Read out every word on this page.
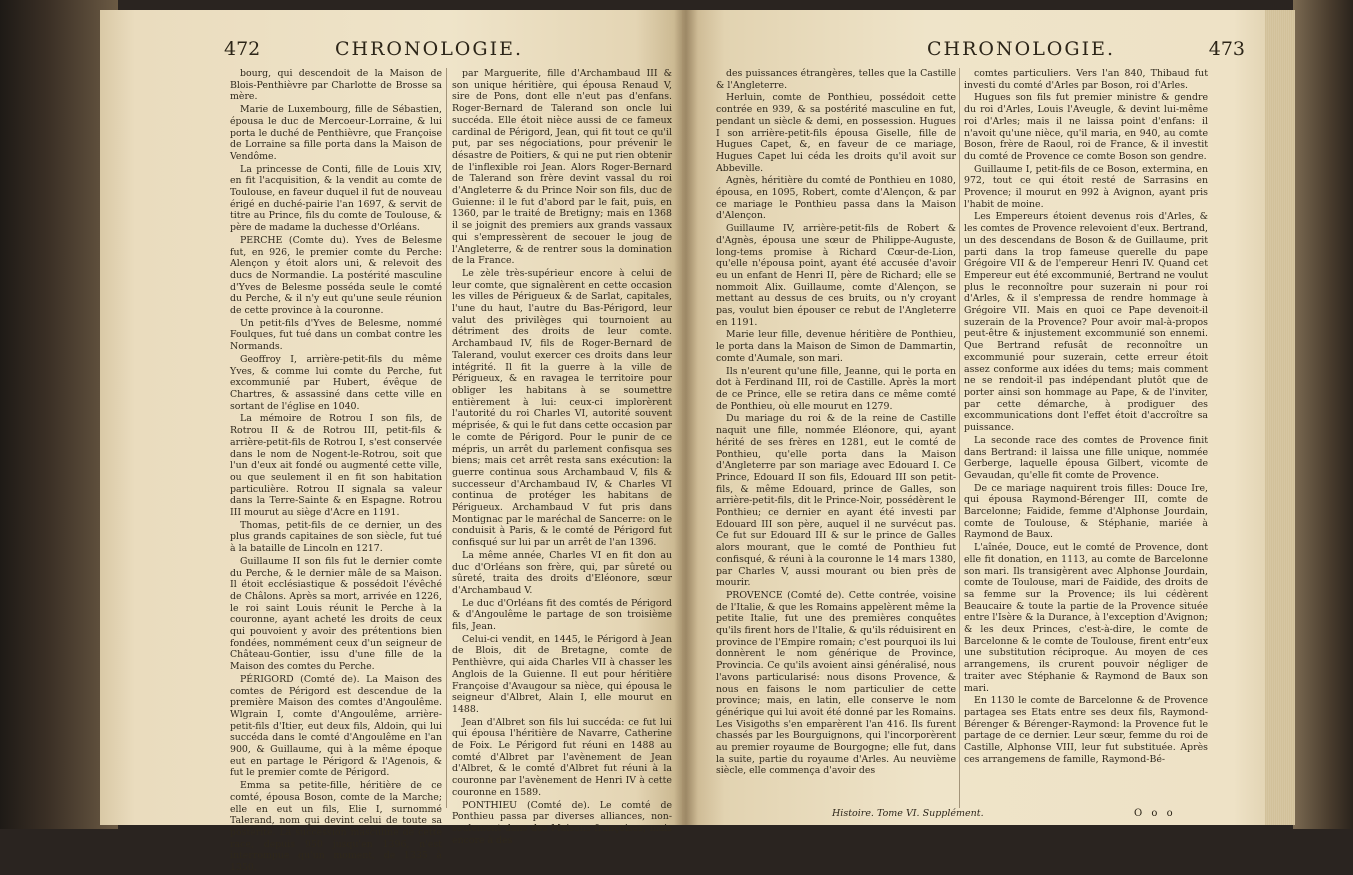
472	CHRONOLOGIE.

bourg, qui descendoit de la Maison de Blois-Penthièvre par Charlotte de Brosse sa mère.

Marie de Luxembourg, fille de Sébastien, épousa le duc de Mercoeur-Lorraine, & lui porta le duché de Penthièvre, que Françoise de Lorraine sa fille porta dans la Maison de Vendôme.

La princesse de Conti, fille de Louis XIV, en fit l'acquisition, & la vendit au comte de Toulouse, en faveur duquel il fut de nouveau érigé en duché-pairie l'an 1697, & servit de titre au Prince, fils du comte de Toulouse, & père de madame la duchesse d'Orléans.

PERCHE (Comte du). Yves de Belesme fut, en 926, le premier comte du Perche: Alençon y étoit alors uni, & relevoit des ducs de Normandie. La postérité masculine d'Yves de Belesme posséda seule le comté du Perche, & il n'y eut qu'une seule réunion de cette province à la couronne.

Un petit-fils d'Yves de Belesme, nommé Foulques, fut tué dans un combat contre les Normands.

Geoffroy I, arrière-petit-fils du même Yves, & comme lui comte du Perche, fut excommunié par Hubert, évêque de Chartres, & assassiné dans cette ville en sortant de l'église en 1040.

La mémoire de Rotrou I son fils, de Rotrou II & de Rotrou III, petit-fils & arrière-petit-fils de Rotrou I, s'est conservée dans le nom de Nogent-le-Rotrou, soit que l'un d'eux ait fondé ou augmenté cette ville, ou que seulement il en fit son habitation particulière. Rotrou II signala sa valeur dans la Terre-Sainte & en Espagne. Rotrou III mourut au siège d'Acre en 1191.

Thomas, petit-fils de ce dernier, un des plus grands capitaines de son siècle, fut tué à la bataille de Lincoln en 1217.

Guillaume II son fils fut le dernier comte du Perche, & le dernier mâle de sa Maison. Il étoit ecclésiastique & possédoit l'évêché de Châlons. Après sa mort, arrivée en 1226, le roi saint Louis réunit le Perche à la couronne, ayant acheté les droits de ceux qui pouvoient y avoir des prétentions bien fondées, nommément ceux d'un seigneur de Château-Gontier, issu d'une fille de la Maison des comtes du Perche.

PÉRIGORD (Comté de). La Maison des comtes de Périgord est descendue de la première Maison des comtes d'Angoulême. Wlgrain I, comte d'Angoulême, arrière-petit-fils d'Itier, eut deux fils, Aldoin, qui lui succéda dans le comté d'Angoulême en l'an 900, & Guillaume, qui à la même époque eut en partage le Périgord & l'Agenois, & fut le premier comte de Périgord.

Emma sa petite-fille, héritière de ce comté, épousa Boson, comte de la Marche; elle en eut un fils, Elie I, surnommé Talerand, nom qui devint celui de toute sa postérité. La succession masculine de cette race, depuis 950 jusqu'en 1396, n'est interrompue qu'un moment, de 1335 à 1350,

par Marguerite, fille d'Archambaud III & son unique héritière, qui épousa Renaud V, sire de Pons, dont elle n'eut pas d'enfans. Roger-Bernard de Talerand son oncle lui succéda. Elle étoit nièce aussi de ce fameux cardinal de Périgord, Jean, qui fit tout ce qu'il put, par ses négociations, pour prévenir le désastre de Poitiers, & qui ne put rien obtenir de l'inflexible roi Jean. Alors Roger-Bernard de Talerand son frère devint vassal du roi d'Angleterre & du Prince Noir son fils, duc de Guienne: il le fut d'abord par le fait, puis, en 1360, par le traité de Bretigny; mais en 1368 il se joignit des premiers aux grands vassaux qui s'empressèrent de secouer le joug de l'Angleterre, & de rentrer sous la domination de la France.

Le zèle très-supérieur encore à celui de leur comte, que signalèrent en cette occasion les villes de Périgueux & de Sarlat, capitales, l'une du haut, l'autre du Bas-Périgord, leur valut des privilèges qui tournoient au détriment des droits de leur comte. Archambaud IV, fils de Roger-Bernard de Talerand, voulut exercer ces droits dans leur intégrité. Il fit la guerre à la ville de Périgueux, & en ravagea le territoire pour obliger les habitans à se soumettre entièrement à lui: ceux-ci implorèrent l'autorité du roi Charles VI, autorité souvent méprisée, & qui le fut dans cette occasion par le comte de Périgord. Pour le punir de ce mépris, un arrêt du parlement confisqua ses biens; mais cet arrêt resta sans exécution: la guerre continua sous Archambaud V, fils & successeur d'Archambaud IV, & Charles VI continua de protéger les habitans de Périgueux. Archambaud V fut pris dans Montignac par le maréchal de Sancerre: on le conduisit à Paris, & le comté de Périgord fut confisqué sur lui par un arrêt de l'an 1396.

La même année, Charles VI en fit don au duc d'Orléans son frère, qui, par sûreté ou sûreté, traita des droits d'Eléonore, sœur d'Archambaud V.

Le duc d'Orléans fit des comtés de Périgord & d'Angoulême le partage de son troisième fils, Jean.

Celui-ci vendit, en 1445, le Périgord à Jean de Blois, dit de Bretagne, comte de Penthièvre, qui aida Charles VII à chasser les Anglois de la Guienne. Il eut pour héritière Françoise d'Avaugour sa nièce, qui épousa le seigneur d'Albret, Alain I, elle mourut en 1488.

Jean d'Albret son fils lui succéda: ce fut lui qui épousa l'héritière de Navarre, Catherine de Foix. Le Périgord fut réuni en 1488 au comté d'Albret par l'avènement de Jean d'Albret, & le comté d'Albret fut réuni à la couronne par l'avènement de Henri IV à cette couronne en 1589.

PONTHIEU (Comté de). Le comté de Ponthieu passa par diverses alliances, non-seulement dans des Maisons françoises, mais encore à des

CHRONOLOGIE.	473

des puissances étrangères, telles que la Castille & l'Angleterre.

Herluin, comte de Ponthieu, possédoit cette contrée en 939, & sa postérité masculine en fut, pendant un siècle & demi, en possession. Hugues I son arrière-petit-fils épousa Giselle, fille de Hugues Capet, &, en faveur de ce mariage, Hugues Capet lui céda les droits qu'il avoit sur Abbeville.

Agnès, héritière du comté de Ponthieu en 1080, épousa, en 1095, Robert, comte d'Alençon, & par ce mariage le Ponthieu passa dans la Maison d'Alençon.

Guillaume IV, arrière-petit-fils de Robert & d'Agnès, épousa une sœur de Philippe-Auguste, long-tems promise à Richard Cœur-de-Lion, qu'elle n'épousa point, ayant été accusée d'avoir eu un enfant de Henri II, père de Richard; elle se nommoit Alix. Guillaume, comte d'Alençon, se mettant au dessus de ces bruits, ou n'y croyant pas, voulut bien épouser ce rebut de l'Angleterre en 1191.

Marie leur fille, devenue héritière de Ponthieu, le porta dans la Maison de Simon de Dammartin, comte d'Aumale, son mari.

Ils n'eurent qu'une fille, Jeanne, qui le porta en dot à Ferdinand III, roi de Castille. Après la mort de ce Prince, elle se retira dans ce même comté de Ponthieu, où elle mourut en 1279.

Du mariage du roi & de la reine de Castille naquit une fille, nommée Eléonore, qui, ayant hérité de ses frères en 1281, eut le comté de Ponthieu, qu'elle porta dans la Maison d'Angleterre par son mariage avec Edouard I. Ce Prince, Edouard II son fils, Edouard III son petit-fils, & même Edouard, prince de Galles, son arrière-petit-fils, dit le Prince-Noir, possédèrent le Ponthieu; ce dernier en ayant été investi par Edouard III son père, auquel il ne survécut pas. Ce fut sur Edouard III & sur le prince de Galles alors mourant, que le comté de Ponthieu fut confisqué, & réuni à la couronne le 14 mars 1380, par Charles V, aussi mourant ou bien près de mourir.

PROVENCE (Comté de). Cette contrée, voisine de l'Italie, & que les Romains appelèrent même la petite Italie, fut une des premières conquêtes qu'ils firent hors de l'Italie, & qu'ils réduisirent en province de l'Empire romain; c'est pourquoi ils lui donnèrent le nom générique de Province, Provincia. Ce qu'ils avoient ainsi généralisé, nous l'avons particularisé: nous disons Provence, & nous en faisons le nom particulier de cette province; mais, en latin, elle conserve le nom générique qui lui avoit été donné par les Romains. Les Visigoths s'en emparèrent l'an 416. Ils furent chassés par les Bourguignons, qui l'incorporèrent au premier royaume de Bourgogne; elle fut, dans la suite, partie du royaume d'Arles. Au neuvième siècle, elle commença d'avoir des

comtes particuliers. Vers l'an 840, Thibaud fut investi du comté d'Arles par Boson, roi d'Arles.

Hugues son fils fut premier ministre & gendre du roi d'Arles, Louis l'Aveugle, & devint lui-même roi d'Arles; mais il ne laissa point d'enfans: il n'avoit qu'une nièce, qu'il maria, en 940, au comte Boson, frère de Raoul, roi de France, & il investit du comté de Provence ce comte Boson son gendre.

Guillaume I, petit-fils de ce Boson, extermina, en 972, tout ce qui étoit resté de Sarrasins en Provence; il mourut en 992 à Avignon, ayant pris l'habit de moine.

Les Empereurs étoient devenus rois d'Arles, & les comtes de Provence relevoient d'eux. Bertrand, un des descendans de Boson & de Guillaume, prit parti dans la trop fameuse querelle du pape Grégoire VII & de l'empereur Henri IV. Quand cet Empereur eut été excommunié, Bertrand ne voulut plus le reconnoître pour suzerain ni pour roi d'Arles, & il s'empressa de rendre hommage à Grégoire VII. Mais en quoi ce Pape devenoit-il suzerain de la Provence? Pour avoir mal-à-propos peut-être & injustement excommunié son ennemi. Que Bertrand refusât de reconnoître un excommunié pour suzerain, cette erreur étoit assez conforme aux idées du tems; mais comment ne se rendoit-il pas indépendant plutôt que de porter ainsi son hommage au Pape, & de l'inviter, par cette démarche, à prodiguer des excommunications dont l'effet étoit d'accroître sa puissance.

La seconde race des comtes de Provence finit dans Bertrand: il laissa une fille unique, nommée Gerberge, laquelle épousa Gilbert, vicomte de Gevaudan, qu'elle fit comte de Provence.

De ce mariage naquirent trois filles: Douce Ire, qui épousa Raymond-Bérenger III, comte de Barcelonne; Faidide, femme d'Alphonse Jourdain, comte de Toulouse, & Stéphanie, mariée à Raymond de Baux.

L'aînée, Douce, eut le comté de Provence, dont elle fit donation, en 1113, au comte de Barcelonne son mari. Ils transigèrent avec Alphonse Jourdain, comte de Toulouse, mari de Faidide, des droits de sa femme sur la Provence; ils lui cédèrent Beaucaire & toute la partie de la Provence située entre l'Isère & la Durance, à l'exception d'Avignon; & les deux Princes, c'est-à-dire, le comte de Barcelonne & le comte de Toulouse, firent entr'eux une substitution réciproque. Au moyen de ces arrangemens, ils crurent pouvoir négliger de traiter avec Stéphanie & Raymond de Baux son mari.

En 1130 le comte de Barcelonne & de Provence partagea ses Etats entre ses deux fils, Raymond-Bérenger & Bérenger-Raymond: la Provence fut le partage de ce dernier. Leur sœur, femme du roi de Castille, Alphonse VIII, leur fut substituée. Après ces arrangemens de famille, Raymond-Bé-

Histoire. Tome VI. Supplément.	O o o
